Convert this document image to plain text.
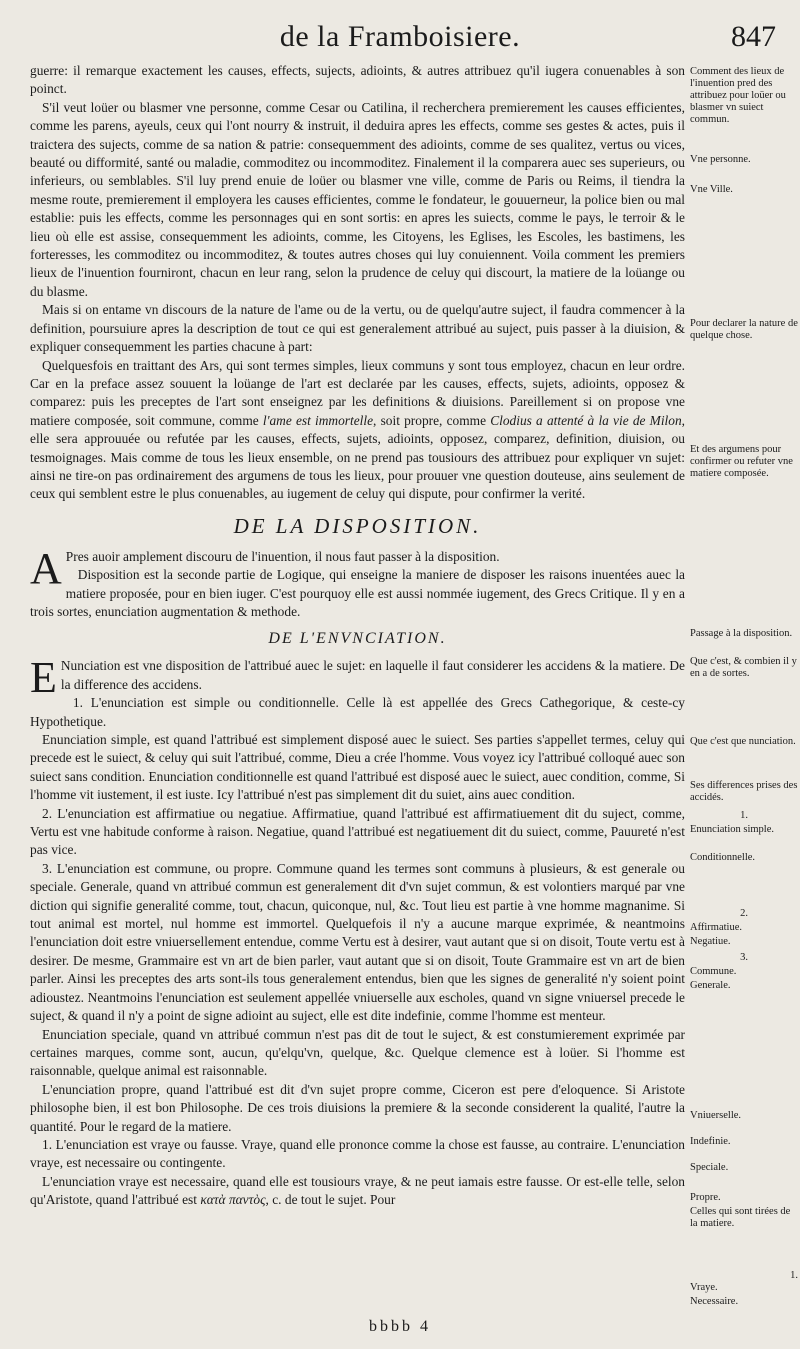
de la Framboisiere.	847

guerre: il remarque exactement les causes, effects, sujects, adioints, & autres attribuez qu'il iugera conuenables à son poinct.

S'il veut loüer ou blasmer vne personne, comme Cesar ou Catilina, il recherchera premierement les causes efficientes, comme les parens, ayeuls, ceux qui l'ont nourry & instruit, il deduira apres les effects, comme ses gestes & actes, puis il traictera des sujects, comme de sa nation & patrie: consequemment des adioints, comme de ses qualitez, vertus ou vices, beauté ou difformité, santé ou maladie, commoditez ou incommoditez. Finalement il la comparera auec ses superieurs, ou inferieurs, ou semblables. S'il luy prend enuie de loüer ou blasmer vne ville, comme de Paris ou Reims, il tiendra la mesme route, premierement il employera les causes efficientes, comme le fondateur, le gouuerneur, la police bien ou mal establie: puis les effects, comme les personnages qui en sont sortis: en apres les suiects, comme le pays, le terroir & le lieu où elle est assise, consequemment les adioints, comme, les Citoyens, les Eglises, les Escoles, les bastimens, les forteresses, les commoditez ou incommoditez, & toutes autres choses qui luy conuiennent. Voila comment les premiers lieux de l'inuention fourniront, chacun en leur rang, selon la prudence de celuy qui discourt, la matiere de la loüange ou du blasme.

Mais si on entame vn discours de la nature de l'ame ou de la vertu, ou de quelqu'autre suject, il faudra commencer à la definition, poursuiure apres la description de tout ce qui est generalement attribué au suject, puis passer à la diuision, & expliquer consequemment les parties chacune à part:

Quelquesfois en traittant des Ars, qui sont termes simples, lieux communs y sont tous employez, chacun en leur ordre. Car en la preface assez souuent la loüange de l'art est declarée par les causes, effects, sujets, adioints, opposez & comparez: puis les preceptes de l'art sont enseignez par les definitions & diuisions. Pareillement si on propose vne matiere composée, soit commune, comme l'ame est immortelle, soit propre, comme Clodius a attenté à la vie de Milon, elle sera approuuée ou refutée par les causes, effects, sujets, adioints, opposez, comparez, definition, diuision, ou tesmoignages. Mais comme de tous les lieux ensemble, on ne prend pas tousiours des attribuez pour expliquer vn sujet: ainsi ne tire-on pas ordinairement des argumens de tous les lieux, pour prouuer vne question douteuse, ains seulement de ceux qui semblent estre le plus conuenables, au iugement de celuy qui dispute, pour confirmer la verité.

DE LA DISPOSITION.

A Pres auoir amplement discouru de l'inuention, il nous faut passer à la disposition.

Disposition est la seconde partie de Logique, qui enseigne la maniere de disposer les raisons inuentées auec la matiere proposée, pour en bien iuger. C'est pourquoy elle est aussi nommée iugement, des Grecs Critique. Il y en a trois sortes, enunciation augmentation & methode.

DE L'ENVNCIATION.

E Nunciation est vne disposition de l'attribué auec le sujet: en laquelle il faut considerer les accidens & la matiere. De la difference des accidens.

1. L'enunciation est simple ou conditionnelle. Celle là est appellée des Grecs Cathegorique, & ceste-cy Hypothetique.

Enunciation simple, est quand l'attribué est simplement disposé auec le suiect. Ses parties s'appellet termes, celuy qui precede est le suiect, & celuy qui suit l'attribué, comme, Dieu a crée l'homme. Vous voyez icy l'attribué colloqué auec son suiect sans condition. Enunciation conditionnelle est quand l'attribué est disposé auec le suiect, auec condition, comme, Si l'homme vit iustement, il est iuste. Icy l'attribué n'est pas simplement dit du suiet, ains auec condition.

2. L'enunciation est affirmatiue ou negatiue. Affirmatiue, quand l'attribué est affirmatiuement dit du suject, comme, Vertu est vne habitude conforme à raison. Negatiue, quand l'attribué est negatiuement dit du suiect, comme, Pauureté n'est pas vice.

3. L'enunciation est commune, ou propre. Commune quand les termes sont communs à plusieurs, & est generale ou speciale. Generale, quand vn attribué commun est generalement dit d'vn sujet commun, & est volontiers marqué par vne diction qui signifie generalité comme, tout, chacun, quiconque, nul, &c. Tout lieu est partie à vne homme magnanime. Si tout animal est mortel, nul homme est immortel. Quelquefois il n'y a aucune marque exprimée, & neantmoins l'enunciation doit estre vniuersellement entendue, comme Vertu est à desirer, vaut autant que si on disoit, Toute vertu est à desirer. De mesme, Grammaire est vn art de bien parler, vaut autant que si on disoit, Toute Grammaire est vn art de bien parler. Ainsi les preceptes des arts sont-ils tous generalement entendus, bien que les signes de generalité n'y soient point adioustez. Neantmoins l'enunciation est seulement appellée vniuerselle aux escholes, quand vn signe vniuersel precede le suject, & quand il n'y a point de signe adioint au suject, elle est dite indefinie, comme l'homme est menteur.

Enunciation speciale, quand vn attribué commun n'est pas dit de tout le suject, & est constumierement exprimée par certaines marques, comme sont, aucun, qu'elqu'vn, quelque, &c. Quelque clemence est à loüer. Si l'homme est raisonnable, quelque animal est raisonnable.

L'enunciation propre, quand l'attribué est dit d'vn sujet propre comme, Ciceron est pere d'eloquence. Si Aristote philosophe bien, il est bon Philosophe. De ces trois diuisions la premiere & la seconde considerent la qualité, l'autre la quantité. Pour le regard de la matiere.

1. L'enunciation est vraye ou fausse. Vraye, quand elle prononce comme la chose est fausse, au contraire. L'enunciation vraye, est necessaire ou contingente.

L'enunciation vraye est necessaire, quand elle est tousiours vraye, & ne peut iamais estre fausse. Or est-elle telle, selon qu'Aristote, quand l'attribué est κατὰ παντὸς, c. de tout le sujet. Pour

Comment des lieux de l'inuention pred des attribuez pour loüer ou blasmer vn suiect commun.
Vne personne.
Vne Ville.
Pour declarer la nature de quelque chose.
Et des argumens pour confirmer ou refuter vne matiere composée.
Passage à la disposition.
Que c'est, & combien il y en a de sortes.
Que c'est que nunciation.
Ses differences prises des accidés.
1.
Enunciation simple.
Conditionnelle.
2.
Affirmatiue.
Negatiue.
3.
Commune.
Generale.
Vniuerselle.
Indefinie.
Speciale.
Propre.
Celles qui sont tirées de la matiere.
1.
Vraye.
Necessaire.
bbbb 4
